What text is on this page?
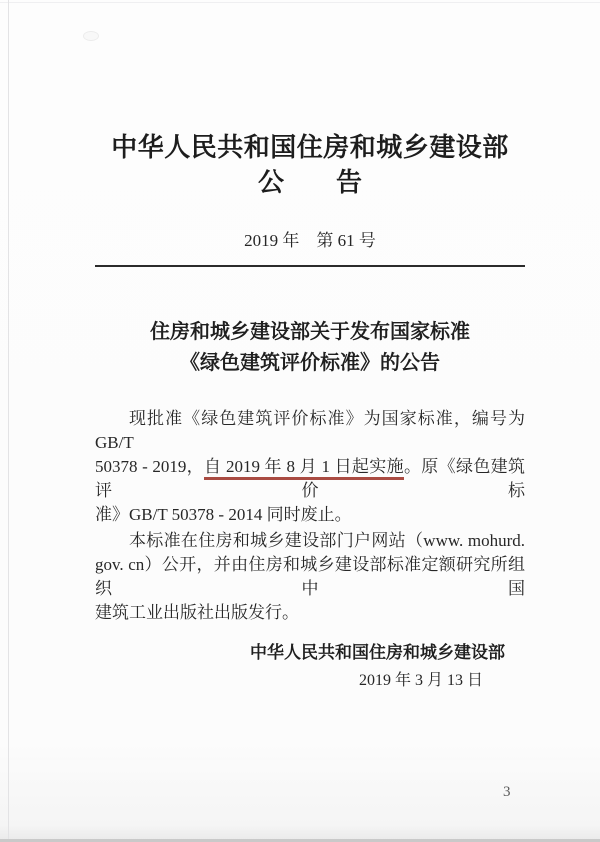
中华人民共和国住房和城乡建设部
公　　告
2019 年　第 61 号
住房和城乡建设部关于发布国家标准
《绿色建筑评价标准》的公告
现批准《绿色建筑评价标准》为国家标准，编号为 GB/T
50378 - 2019，自 2019 年 8 月 1 日起实施。原《绿色建筑评价标
准》GB/T 50378 - 2014 同时废止。
本标准在住房和城乡建设部门户网站（www. mohurd.
gov. cn）公开，并由住房和城乡建设部标准定额研究所组织中国
建筑工业出版社出版发行。
中华人民共和国住房和城乡建设部
2019 年 3 月 13 日
3
